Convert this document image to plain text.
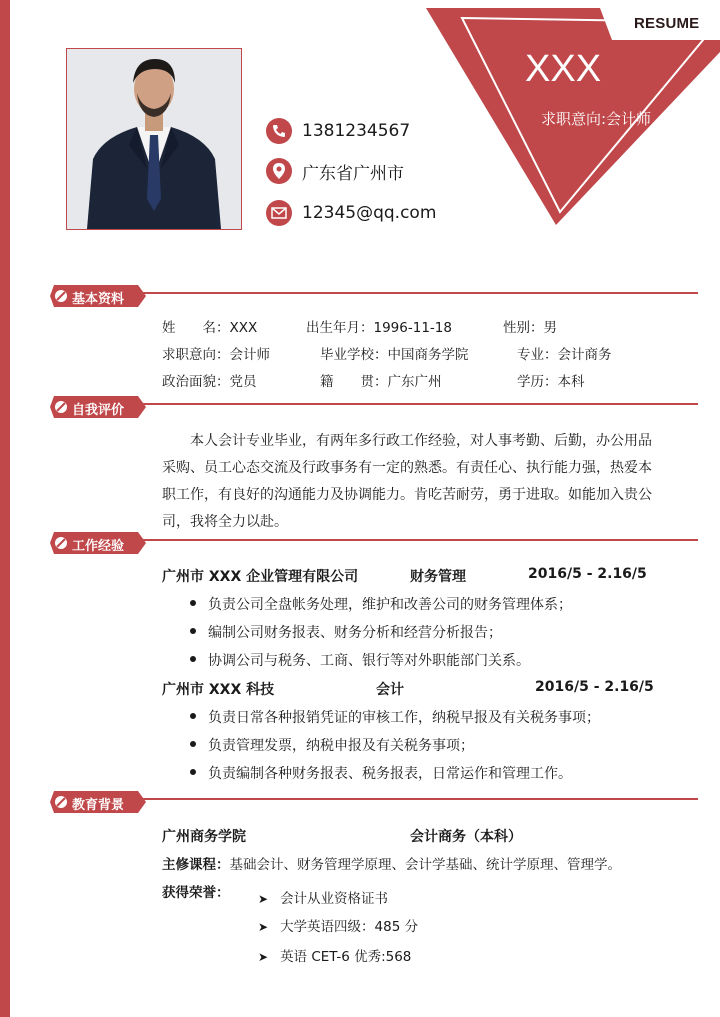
RESUME
XXX
求职意向:会计师
1381234567
广东省广州市
12345@qq.com
基本资料
姓　　名：XXX	出生年月：1996-11-18	性别：男
求职意向：会计师	毕业学校：中国商务学院	专业：会计商务
政治面貌：党员	籍　　贯：广东广州	学历：本科
自我评价
本人会计专业毕业，有两年多行政工作经验，对人事考勤、后勤，办公用品采购、员工心态交流及行政事务有一定的熟悉。有责任心、执行能力强，热爱本职工作，有良好的沟通能力及协调能力。肯吃苦耐劳，勇于进取。如能加入贵公司，我将全力以赴。
工作经验
广州市 XXX 企业管理有限公司	财务管理	2016/5 - 2.16/5
负责公司全盘帐务处理，维护和改善公司的财务管理体系；
编制公司财务报表、财务分析和经营分析报告；
协调公司与税务、工商、银行等对外职能部门关系。
广州市 XXX 科技	会计	2016/5 - 2.16/5
负责日常各种报销凭证的审核工作，纳税早报及有关税务事项；
负责管理发票，纳税申报及有关税务事项；
负责编制各种财务报表、税务报表，日常运作和管理工作。
教育背景
广州商务学院	会计商务（本科）
主修课程：基础会计、财务管理学原理、会计学基础、统计学原理、管理学。
获得荣誉： ➤ 会计从业资格证书
➤ 大学英语四级：485 分
➤ 英语 CET-6 优秀:568
